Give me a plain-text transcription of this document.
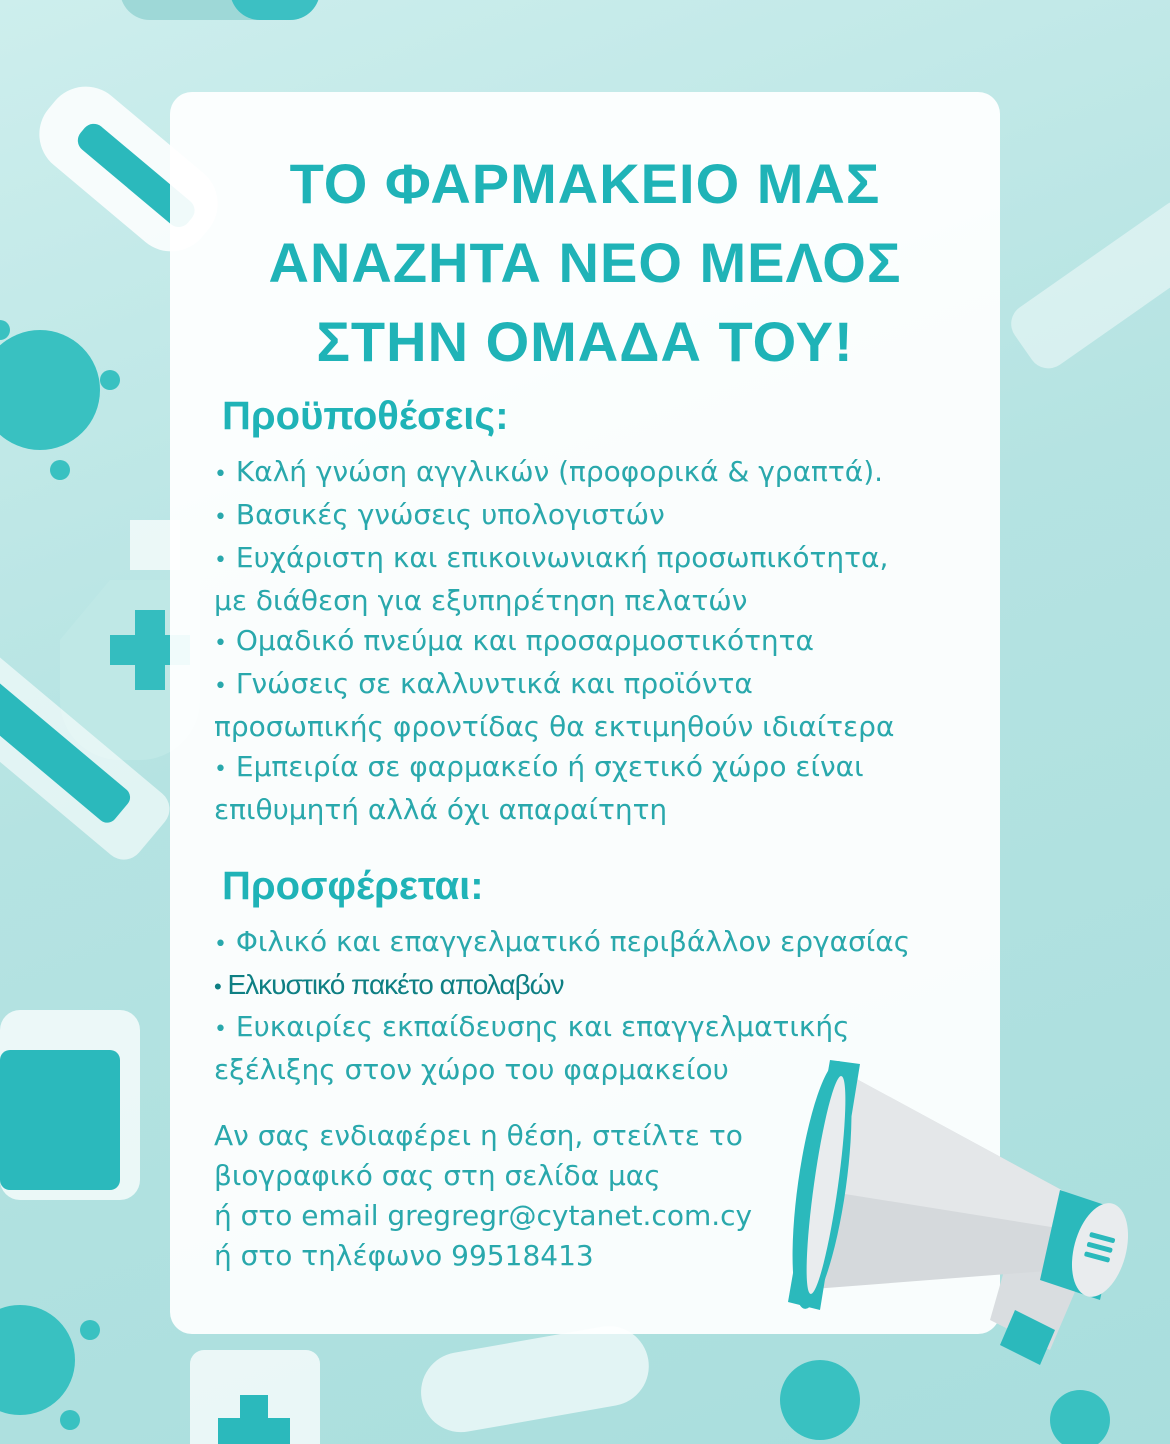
ΤΟ ΦΑΡΜΑΚΕΙΟ ΜΑΣ
ΑΝΑΖΗΤΑ ΝΕΟ ΜΕΛΟΣ
ΣΤΗΝ ΟΜΑΔΑ ΤΟΥ!
Προϋποθέσεις:
• Καλή γνώση αγγλικών (προφορικά & γραπτά).
• Βασικές γνώσεις υπολογιστών
• Ευχάριστη και επικοινωνιακή προσωπικότητα,
με διάθεση για εξυπηρέτηση πελατών
• Ομαδικό πνεύμα και προσαρμοστικότητα
• Γνώσεις σε καλλυντικά και προϊόντα
προσωπικής φροντίδας θα εκτιμηθούν ιδιαίτερα
• Εμπειρία σε φαρμακείο ή σχετικό χώρο είναι
επιθυμητή αλλά όχι απαραίτητη
Προσφέρεται:
• Φιλικό και επαγγελματικό περιβάλλον εργασίας
• Ελκυστικό πακέτο απολαβών
• Ευκαιρίες εκπαίδευσης και επαγγελματικής
εξέλιξης στον χώρο του φαρμακείου
Αν σας ενδιαφέρει η θέση, στείλτε το
βιογραφικό σας στη σελίδα μας
ή στο email gregregr@cytanet.com.cy
ή στο τηλέφωνο 99518413
